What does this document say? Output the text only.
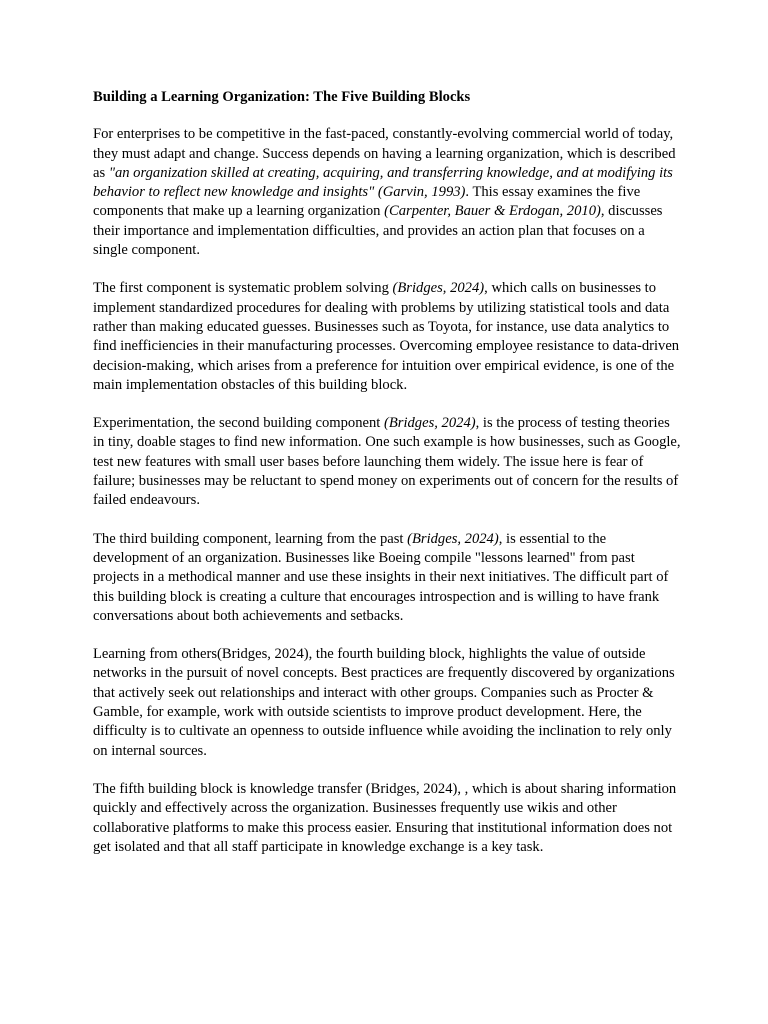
Building a Learning Organization: The Five Building Blocks

For enterprises to be competitive in the fast-paced, constantly-evolving commercial world of today, they must adapt and change. Success depends on having a learning organization, which is described as "an organization skilled at creating, acquiring, and transferring knowledge, and at modifying its behavior to reflect new knowledge and insights" (Garvin, 1993). This essay examines the five components that make up a learning organization (Carpenter, Bauer & Erdogan, 2010), discusses their importance and implementation difficulties, and provides an action plan that focuses on a single component.

The first component is systematic problem solving (Bridges, 2024), which calls on businesses to implement standardized procedures for dealing with problems by utilizing statistical tools and data rather than making educated guesses. Businesses such as Toyota, for instance, use data analytics to find inefficiencies in their manufacturing processes. Overcoming employee resistance to data-driven decision-making, which arises from a preference for intuition over empirical evidence, is one of the main implementation obstacles of this building block.

Experimentation, the second building component (Bridges, 2024), is the process of testing theories in tiny, doable stages to find new information. One such example is how businesses, such as Google, test new features with small user bases before launching them widely. The issue here is fear of failure; businesses may be reluctant to spend money on experiments out of concern for the results of failed endeavours.

The third building component, learning from the past (Bridges, 2024), is essential to the development of an organization. Businesses like Boeing compile "lessons learned" from past projects in a methodical manner and use these insights in their next initiatives. The difficult part of this building block is creating a culture that encourages introspection and is willing to have frank conversations about both achievements and setbacks.

Learning from others(Bridges, 2024), the fourth building block, highlights the value of outside networks in the pursuit of novel concepts. Best practices are frequently discovered by organizations that actively seek out relationships and interact with other groups. Companies such as Procter & Gamble, for example, work with outside scientists to improve product development. Here, the difficulty is to cultivate an openness to outside influence while avoiding the inclination to rely only on internal sources.

The fifth building block is knowledge transfer (Bridges, 2024), , which is about sharing information quickly and effectively across the organization. Businesses frequently use wikis and other collaborative platforms to make this process easier. Ensuring that institutional information does not get isolated and that all staff participate in knowledge exchange is a key task.
